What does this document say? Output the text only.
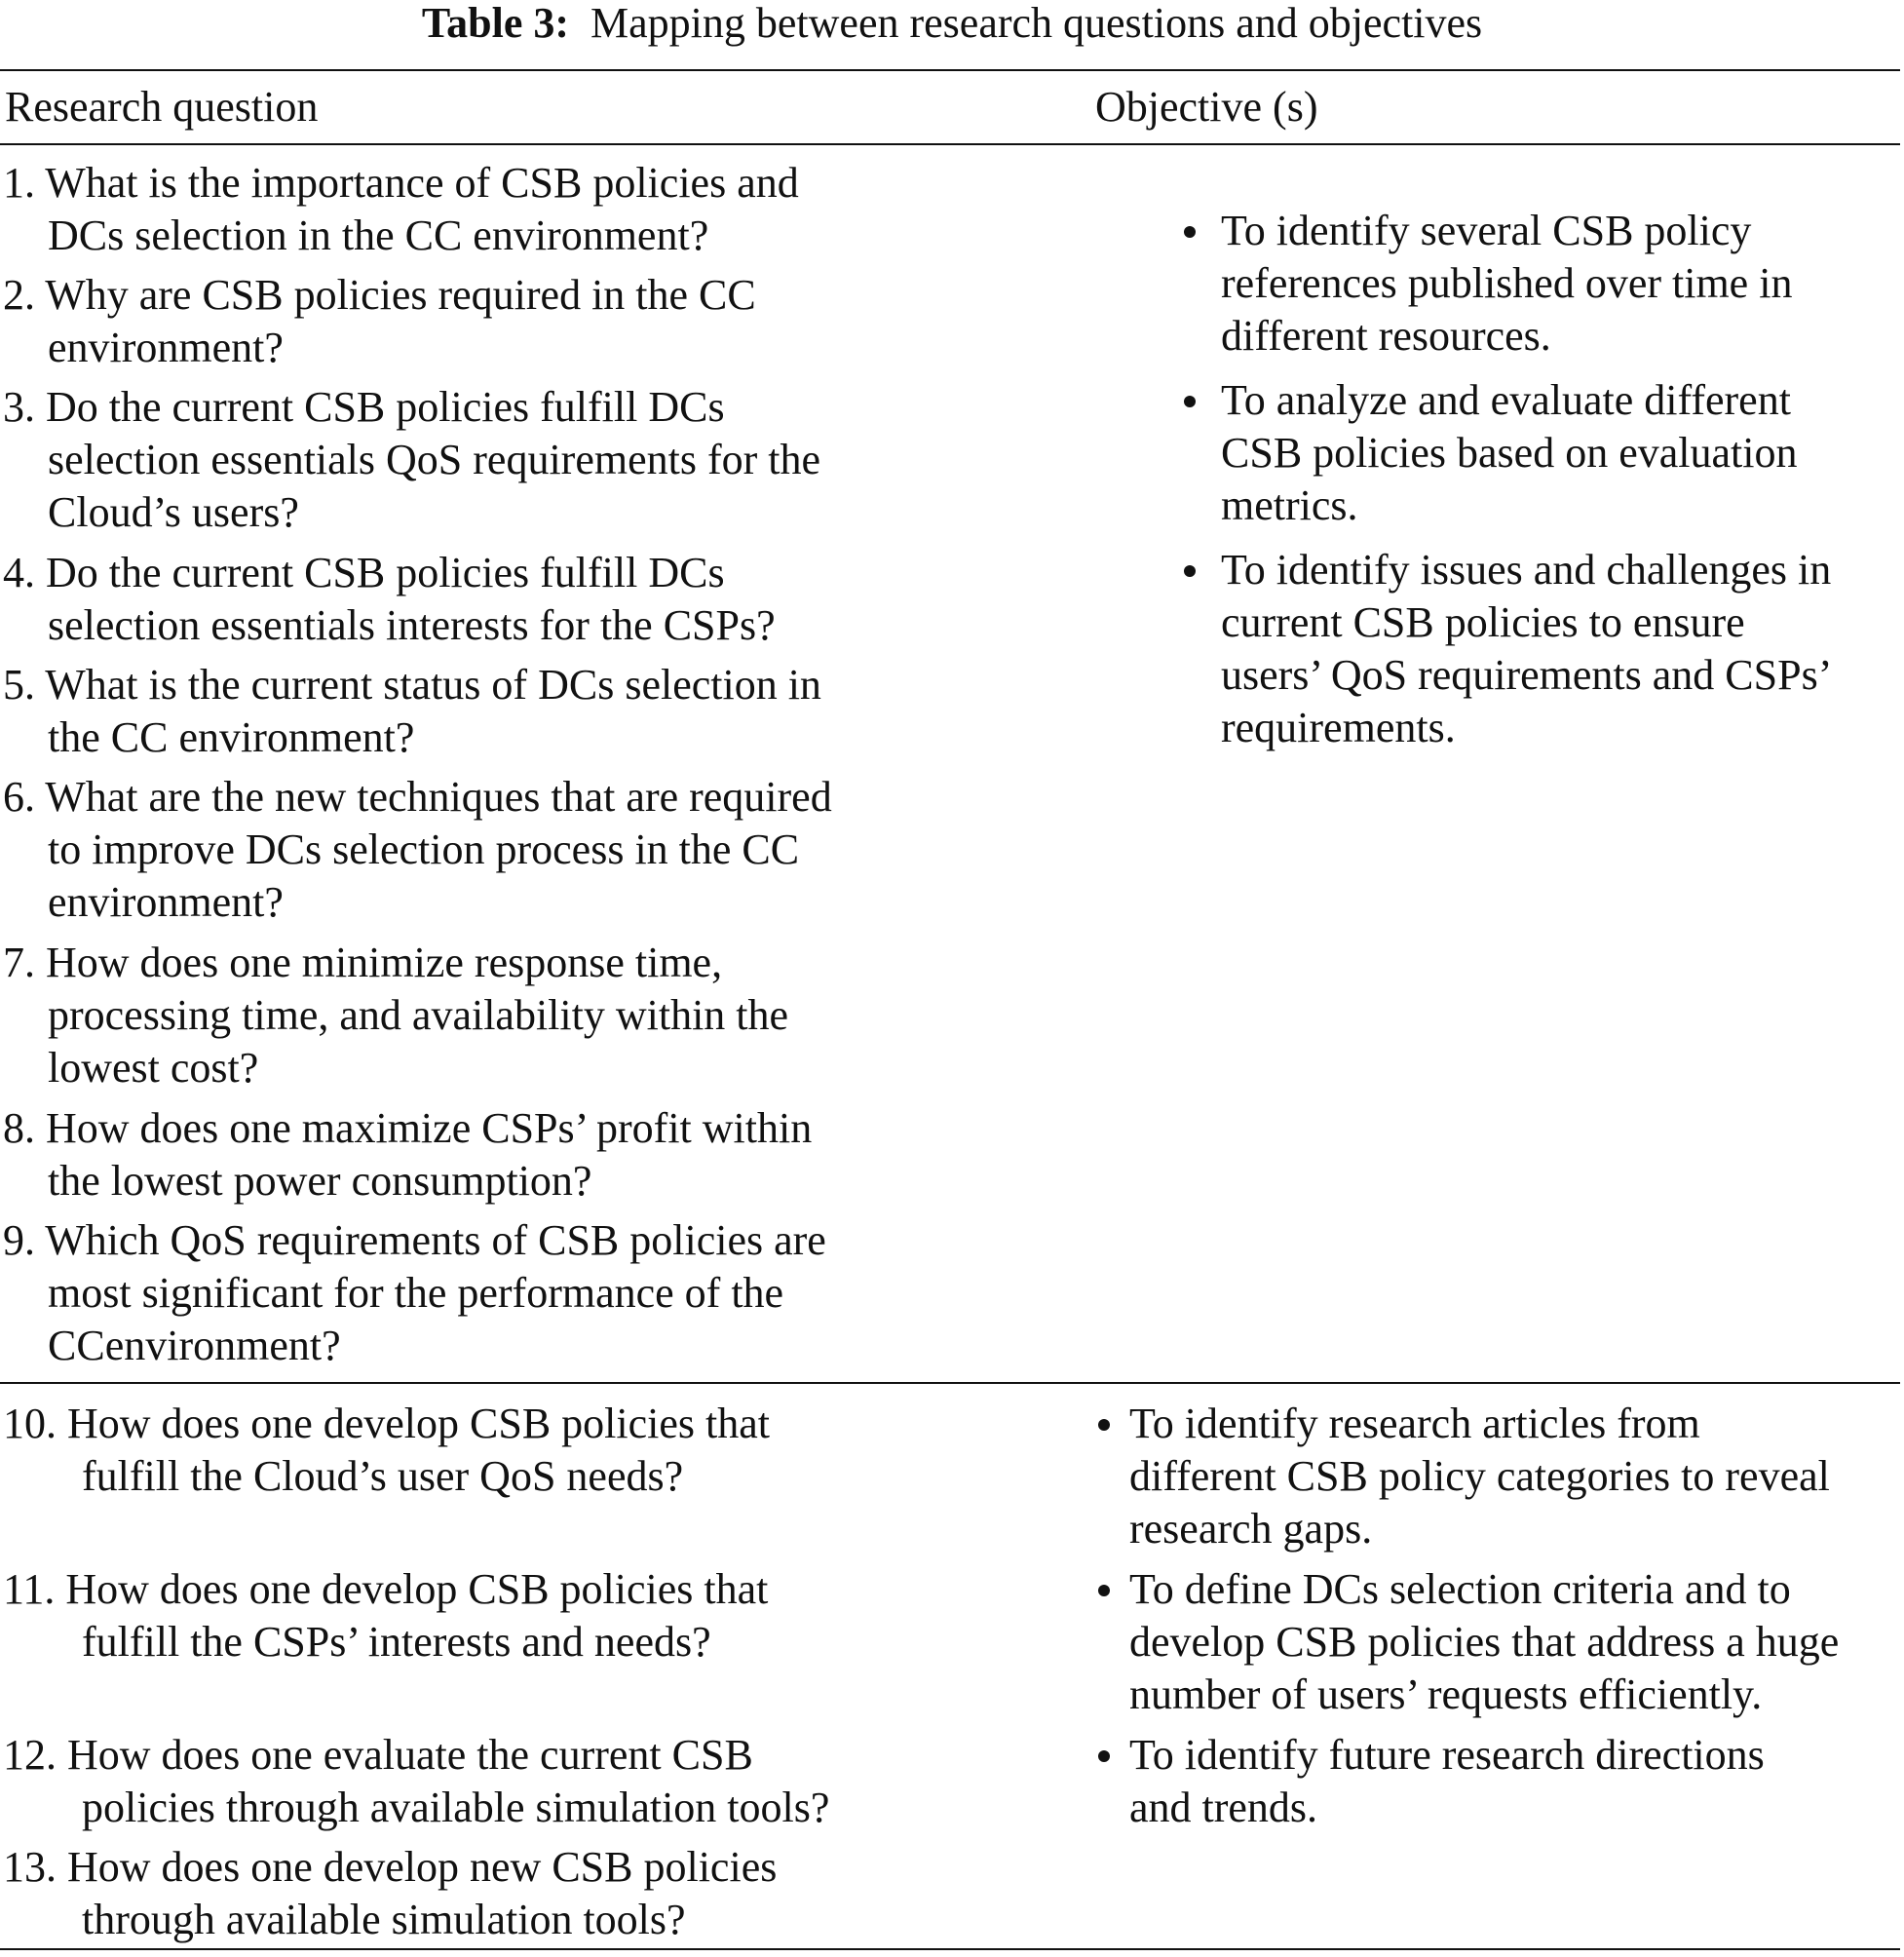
Table 3: Mapping between research questions and objectives
Research question	Objective (s)
1. What is the importance of CSB policies and
DCs selection in the CC environment?
2. Why are CSB policies required in the CC
environment?
3. Do the current CSB policies fulfill DCs
selection essentials QoS requirements for the
Cloud’s users?
4. Do the current CSB policies fulfill DCs
selection essentials interests for the CSPs?
5. What is the current status of DCs selection in
the CC environment?
6. What are the new techniques that are required
to improve DCs selection process in the CC
environment?
7. How does one minimize response time,
processing time, and availability within the
lowest cost?
8. How does one maximize CSPs’ profit within
the lowest power consumption?
9. Which QoS requirements of CSB policies are
most significant for the performance of the
CCenvironment?
To identify several CSB policy
references published over time in
different resources.
To analyze and evaluate different
CSB policies based on evaluation
metrics.
To identify issues and challenges in
current CSB policies to ensure
users’ QoS requirements and CSPs’
requirements.
10. How does one develop CSB policies that
fulfill the Cloud’s user QoS needs?
11. How does one develop CSB policies that
fulfill the CSPs’ interests and needs?
12. How does one evaluate the current CSB
policies through available simulation tools?
13. How does one develop new CSB policies
through available simulation tools?
To identify research articles from
different CSB policy categories to reveal
research gaps.
To define DCs selection criteria and to
develop CSB policies that address a huge
number of users’ requests efficiently.
To identify future research directions
and trends.
